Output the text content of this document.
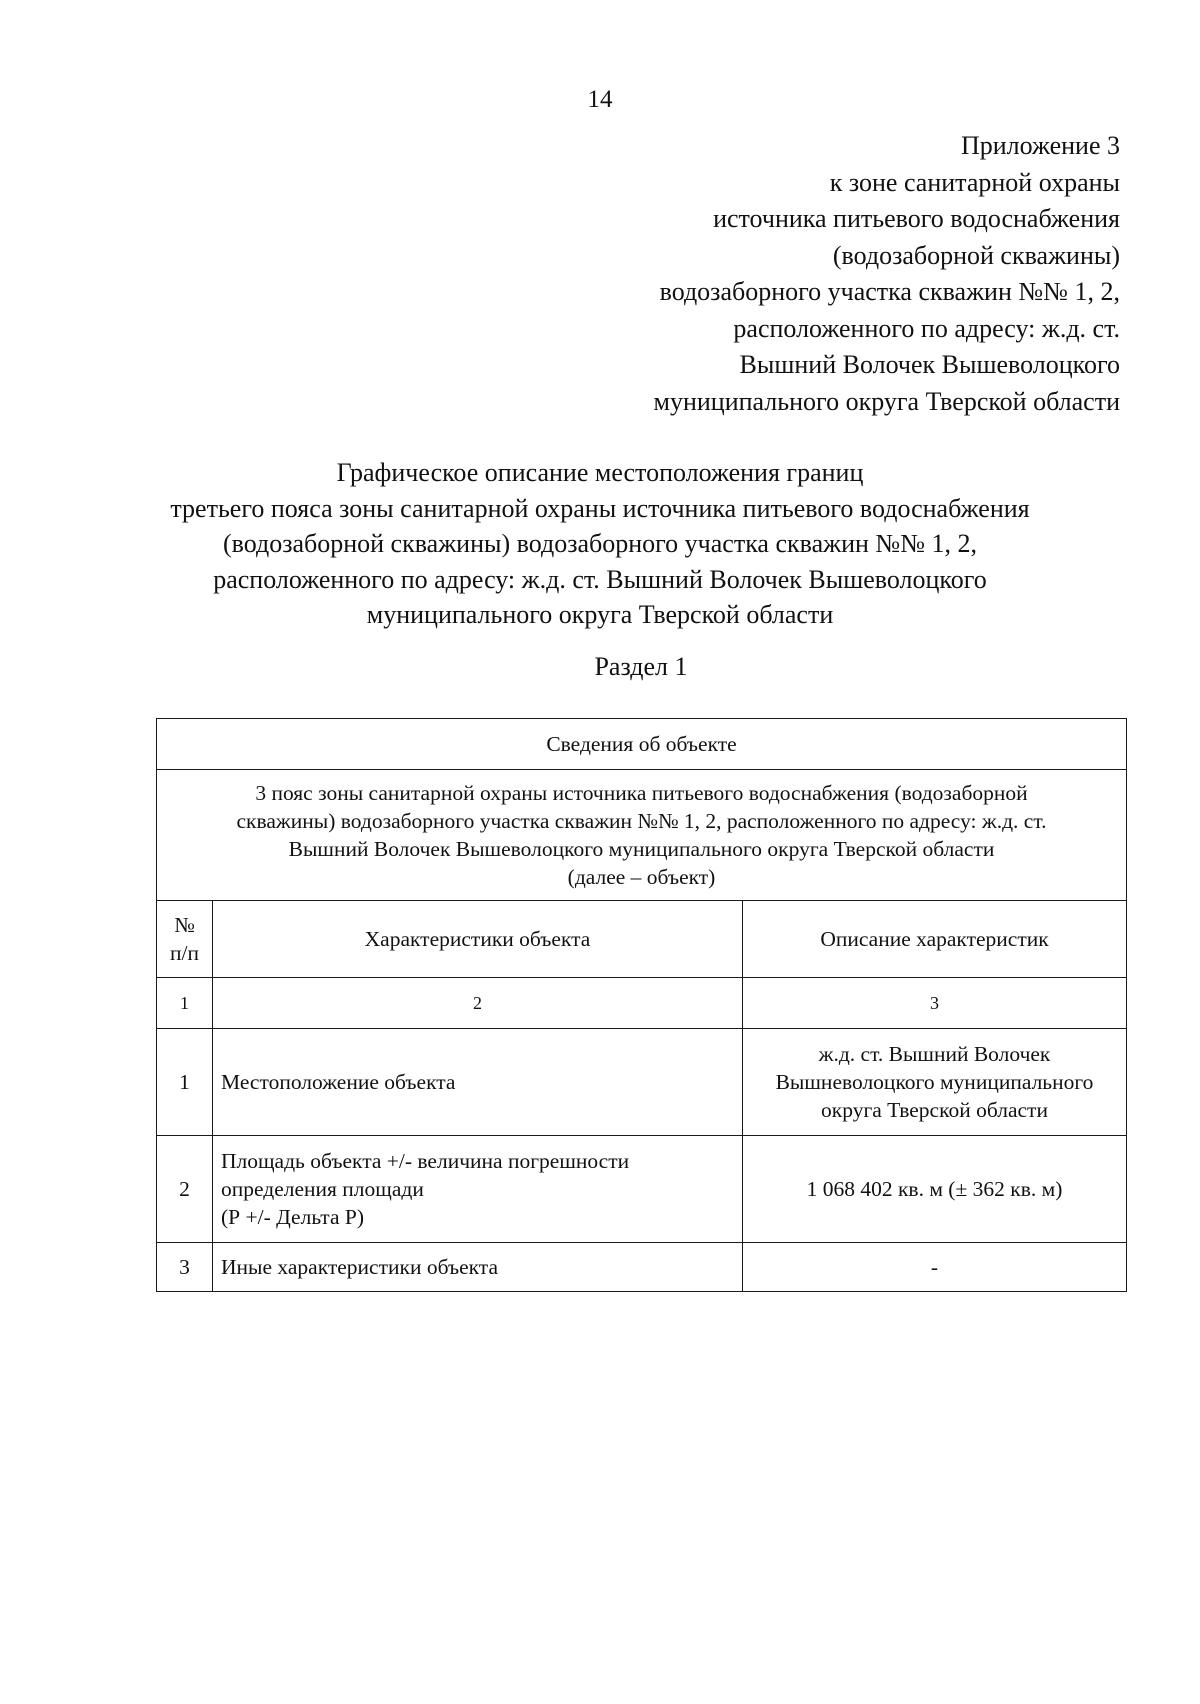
14
Приложение 3
к зоне санитарной охраны
источника питьевого водоснабжения
(водозаборной скважины)
водозаборного участка скважин №№ 1, 2,
расположенного по адресу: ж.д. ст.
Вышний Волочек Вышеволоцкого
муниципального округа Тверской области
Графическое описание местоположения границ
третьего пояса зоны санитарной охраны источника питьевого водоснабжения
(водозаборной скважины) водозаборного участка скважин №№ 1, 2,
расположенного по адресу: ж.д. ст. Вышний Волочек Вышеволоцкого
муниципального округа Тверской области
Раздел 1
Сведения об объекте		

3 пояс зоны санитарной охраны источника питьевого водоснабжения (водозаборной
скважины) водозаборного участка скважин №№ 1, 2, расположенного по адресу: ж.д. ст.
Вышний Волочек Вышеволоцкого муниципального округа Тверской области
(далее – объект)		

№
п/п	Характеристики объекта	Описание характеристик
1	2	3
1	Местоположение объекта	ж.д. ст. Вышний Волочек
Вышневолоцкого муниципального
округа Тверской области

2	Площадь объекта +/- величина погрешности
определения площади
(Р +/- Дельта Р)	1 068 402 кв. м (± 362 кв. м)

3	Иные характеристики объекта	-
